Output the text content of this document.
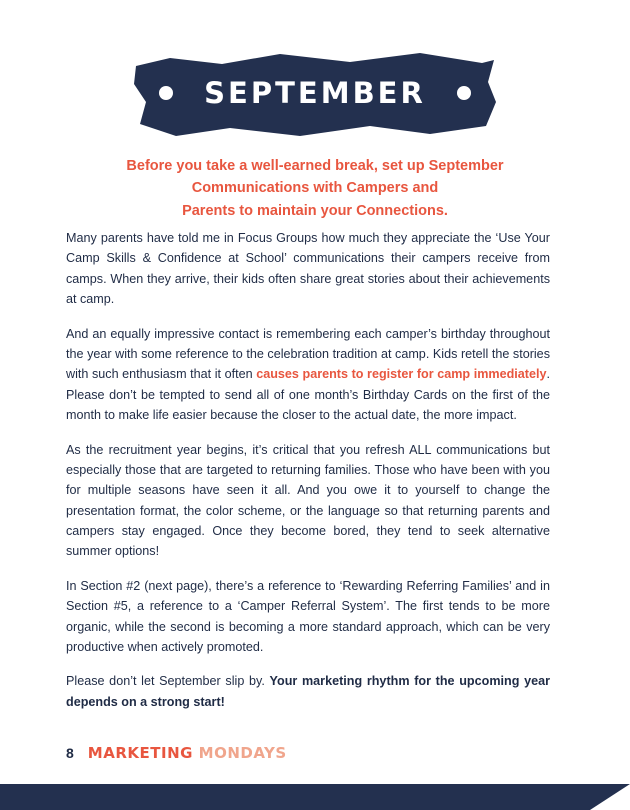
SEPTEMBER
Before you take a well-earned break, set up September
Communications with Campers and
Parents to maintain your Connections.

Many parents have told me in Focus Groups how much they appreciate the ‘Use Your Camp Skills & Confidence at School’ communications their campers receive from camps. When they arrive, their kids often share great stories about their achievements at camp.

And an equally impressive contact is remembering each camper’s birthday throughout the year with some reference to the celebration tradition at camp. Kids retell the stories with such enthusiasm that it often causes parents to register for camp immediately. Please don’t be tempted to send all of one month’s Birthday Cards on the first of the month to make life easier because the closer to the actual date, the more impact.

As the recruitment year begins, it’s critical that you refresh ALL communications but especially those that are targeted to returning families. Those who have been with you for multiple seasons have seen it all. And you owe it to yourself to change the presentation format, the color scheme, or the language so that returning parents and campers stay engaged. Once they become bored, they tend to seek alternative summer options!

In Section #2 (next page), there’s a reference to ‘Rewarding Referring Families’ and in Section #5, a reference to a ‘Camper Referral System’. The first tends to be more organic, while the second is becoming a more standard approach, which can be very productive when actively promoted.

Please don’t let September slip by. Your marketing rhythm for the upcoming year depends on a strong start!

8 MARKETING MONDAYS
